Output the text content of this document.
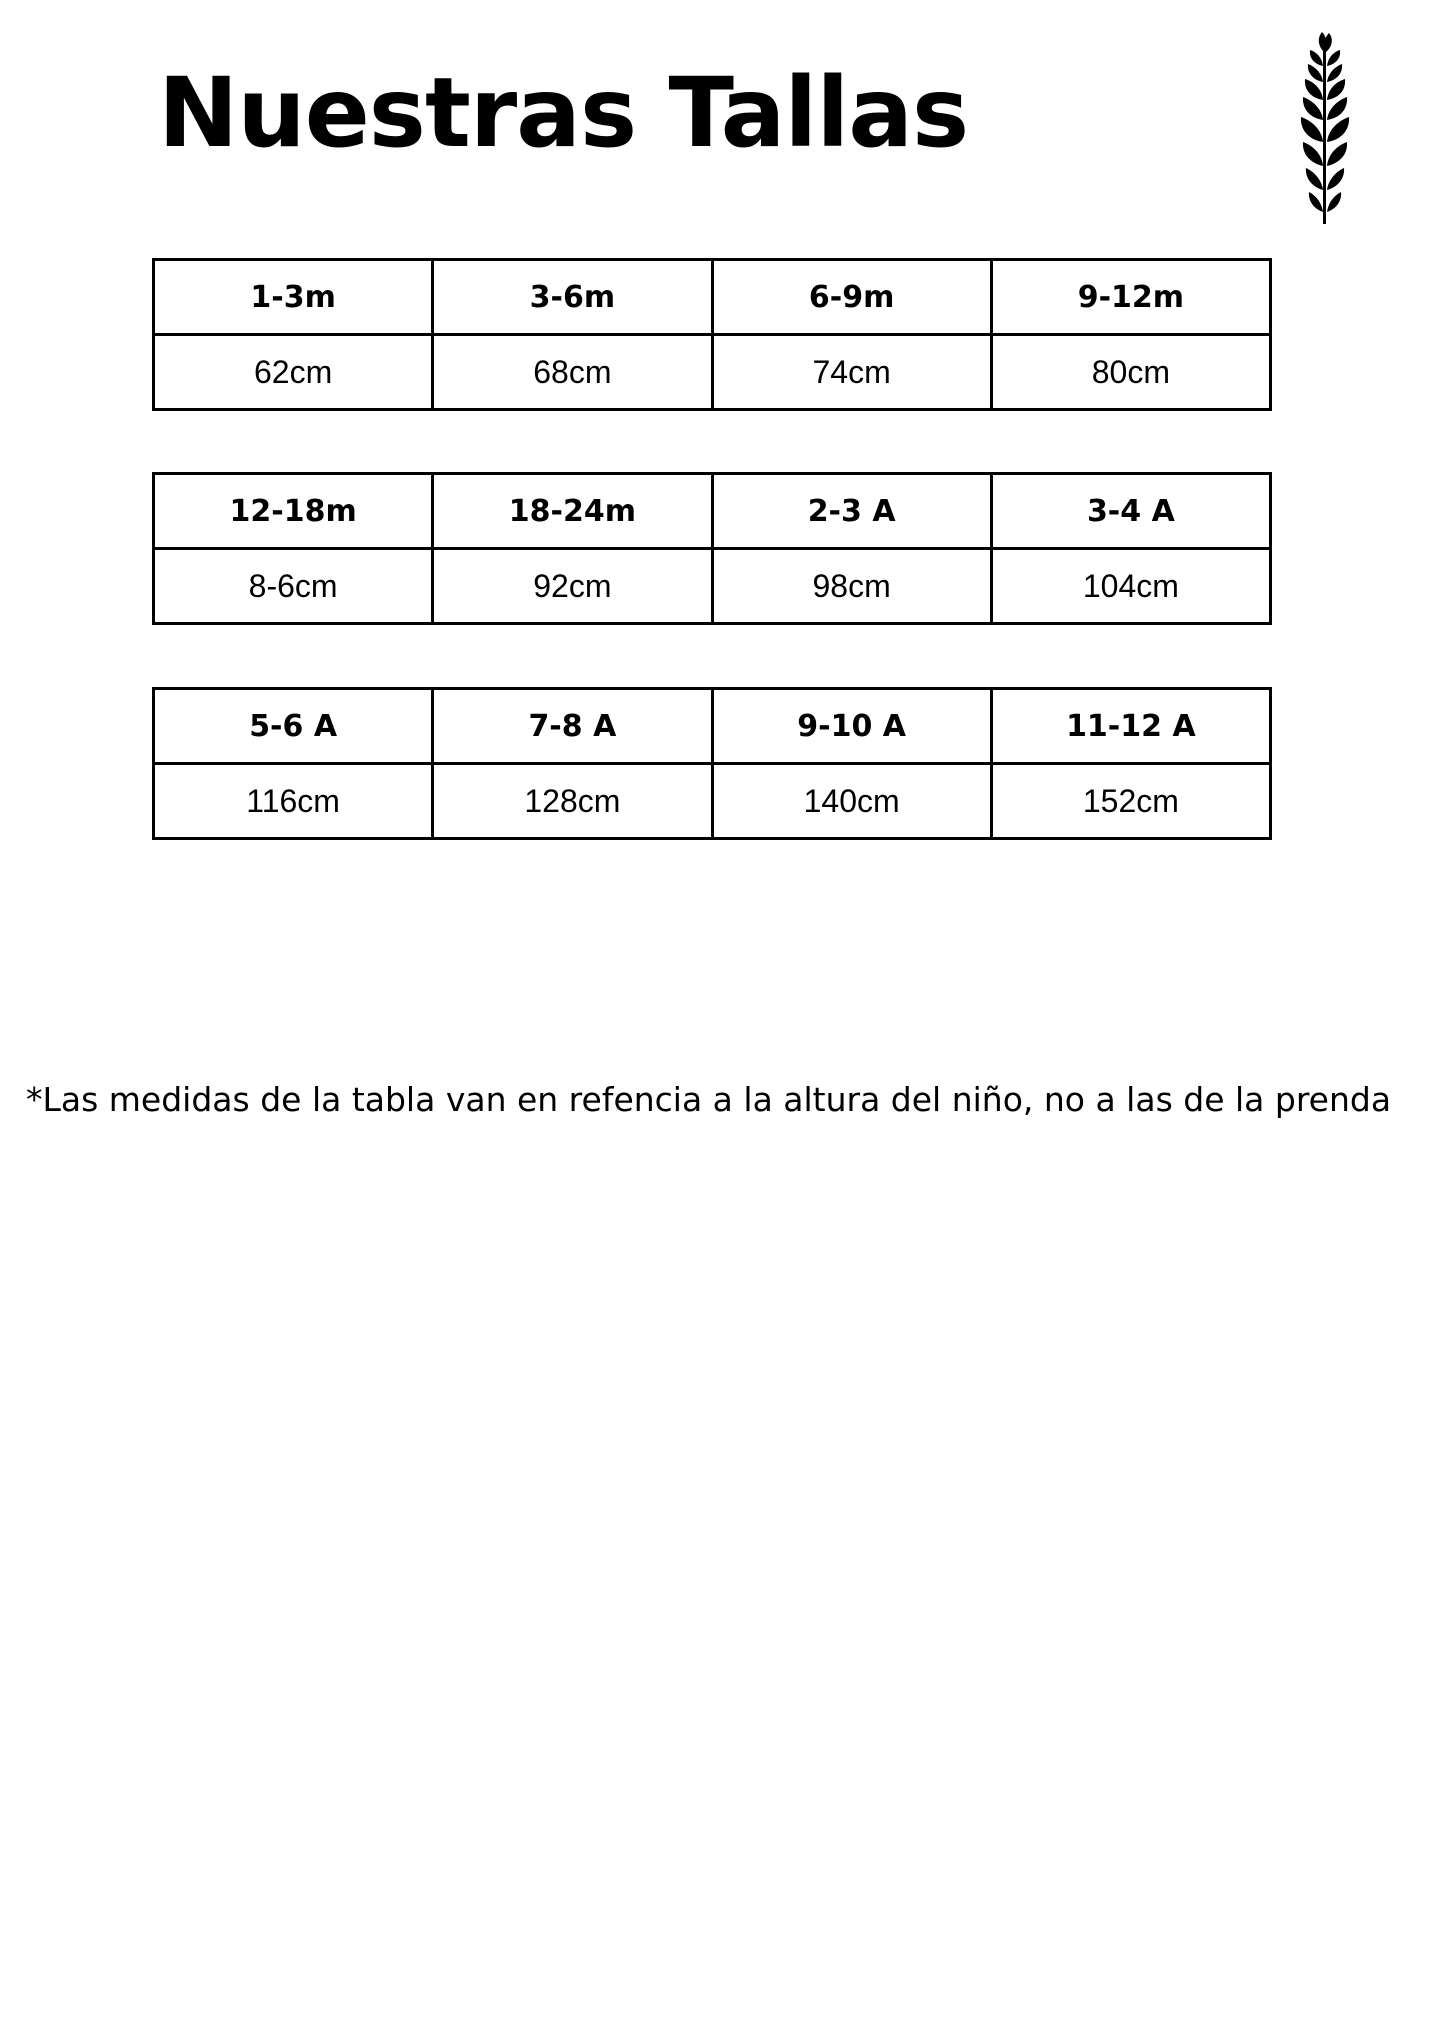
Nuestras Tallas
1-3m	3-6m	6-9m	9-12m
62cm	68cm	74cm	80cm
12-18m	18-24m	2-3 A	3-4 A
8-6cm	92cm	98cm	104cm
5-6 A	7-8 A	9-10 A	11-12 A
116cm	128cm	140cm	152cm
*Las medidas de la tabla van en refencia a la altura del niño, no a las de la prenda
